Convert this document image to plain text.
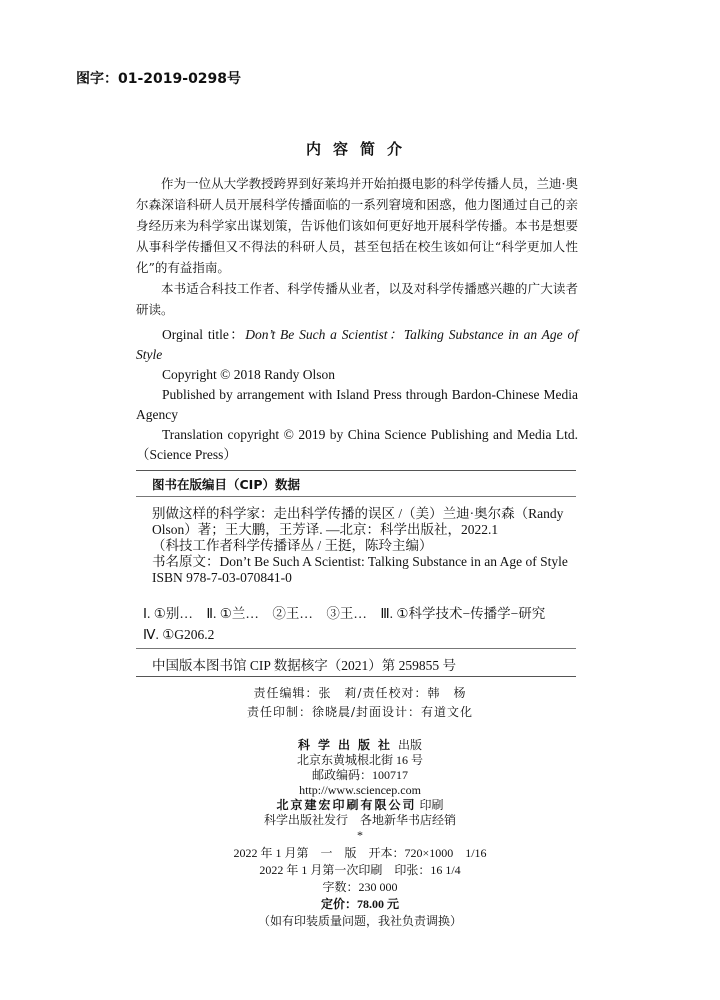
图字：01-2019-0298号
内容简介

作为一位从大学教授跨界到好莱坞并开始拍摄电影的科学传播人员，兰迪·奥尔森深谙科研人员开展科学传播面临的一系列窘境和困惑，他力图通过自己的亲身经历来为科学家出谋划策，告诉他们该如何更好地开展科学传播。本书是想要从事科学传播但又不得法的科研人员，甚至包括在校生该如何让“科学更加人性化”的有益指南。

本书适合科技工作者、科学传播从业者，以及对科学传播感兴趣的广大读者研读。

Orginal title：Don’t Be Such a Scientist：Talking Substance in an Age of Style

Copyright © 2018 Randy Olson

Published by arrangement with Island Press through Bardon-Chinese Media Agency

Translation copyright © 2019 by China Science Publishing and Media Ltd.（Science Press）

图书在版编目（CIP）数据
别做这样的科学家：走出科学传播的误区 /（美）兰迪·奥尔森（Randy
Olson）著；王大鹏，王芳译. —北京：科学出版社，2022.1
（科技工作者科学传播译丛 / 王挺，陈玲主编）
书名原文：Don’t Be Such A Scientist: Talking Substance in an Age of Style
ISBN 978-7-03-070841-0
Ⅰ. ①别…　Ⅱ. ①兰…　②王…　③王…　Ⅲ. ①科学技术−传播学−研究
Ⅳ. ①G206.2
中国版本图书馆 CIP 数据核字（2021）第 259855 号
责任编辑：张　莉/责任校对：韩　杨
责任印制：徐晓晨/封面设计：有道文化
科学出版社出版
北京东黄城根北街 16 号
邮政编码：100717
http://www.sciencep.com
北京建宏印刷有限公司 印刷
科学出版社发行　各地新华书店经销
*
2022 年 1 月第　一　版　开本：720×1000　1/16
2022 年 1 月第一次印刷　印张：16 1/4
字数：230 000
定价：78.00 元
（如有印装质量问题，我社负责调换）
